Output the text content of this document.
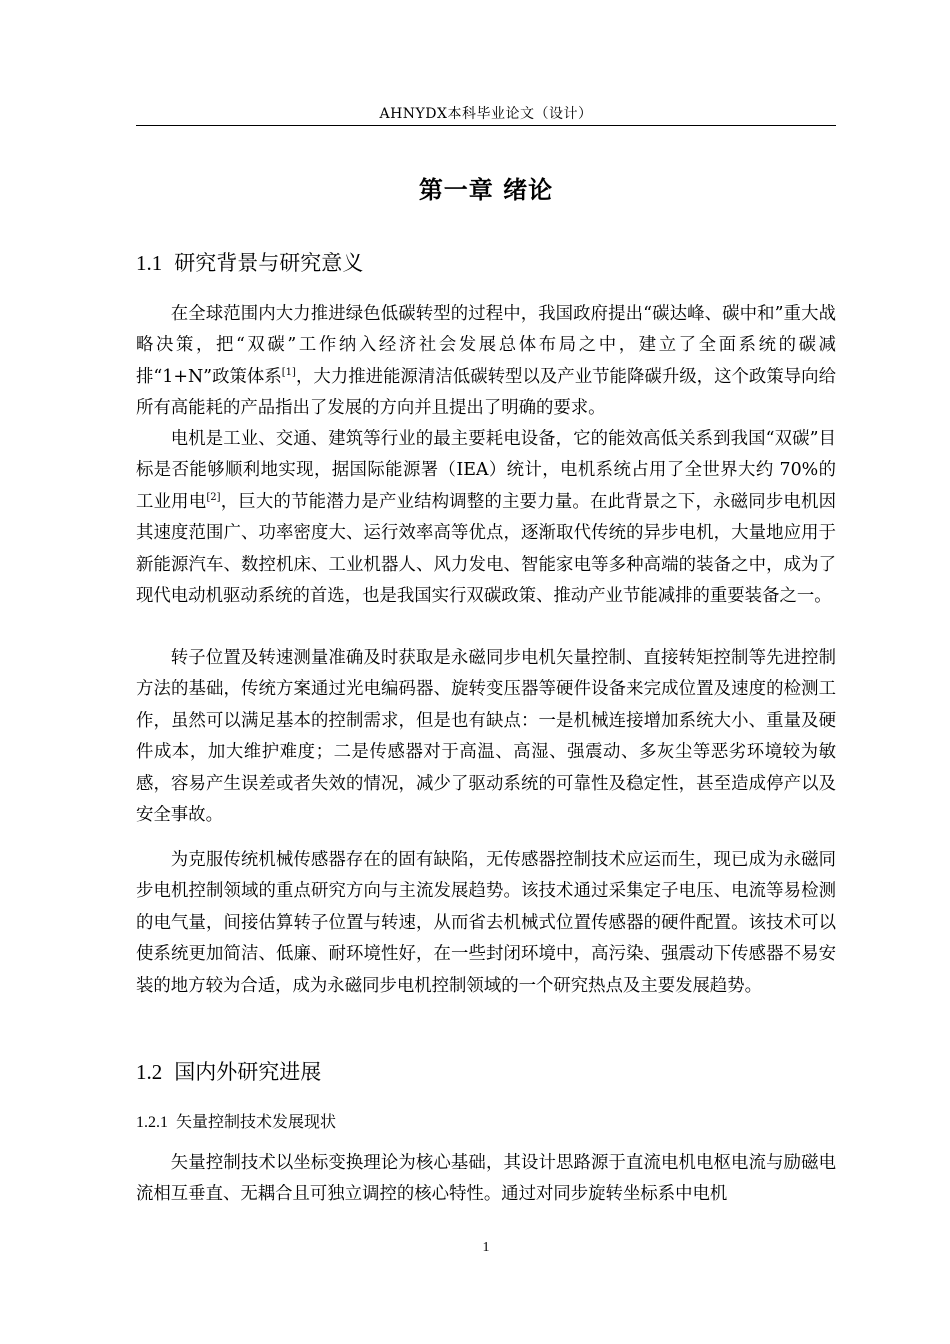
AHNYDX本科毕业论文（设计）
第一章 绪论
1.1 研究背景与研究意义

在全球范围内大力推进绿色低碳转型的过程中，我国政府提出“碳达峰、碳中和”重大战略决策，把“双碳”工作纳入经济社会发展总体布局之中，建立了全面系统的碳减排“1+N”政策体系[1]，大力推进能源清洁低碳转型以及产业节能降碳升级，这个政策导向给所有高能耗的产品指出了发展的方向并且提出了明确的要求。

电机是工业、交通、建筑等行业的最主要耗电设备，它的能效高低关系到我国“双碳”目标是否能够顺利地实现，据国际能源署（IEA）统计，电机系统占用了全世界大约 70%的工业用电[2]，巨大的节能潜力是产业结构调整的主要力量。在此背景之下，永磁同步电机因其速度范围广、功率密度大、运行效率高等优点，逐渐取代传统的异步电机，大量地应用于新能源汽车、数控机床、工业机器人、风力发电、智能家电等多种高端的装备之中，成为了现代电动机驱动系统的首选，也是我国实行双碳政策、推动产业节能减排的重要装备之一。

转子位置及转速测量准确及时获取是永磁同步电机矢量控制、直接转矩控制等先进控制方法的基础，传统方案通过光电编码器、旋转变压器等硬件设备来完成位置及速度的检测工作，虽然可以满足基本的控制需求，但是也有缺点：一是机械连接增加系统大小、重量及硬件成本，加大维护难度；二是传感器对于高温、高湿、强震动、多灰尘等恶劣环境较为敏感，容易产生误差或者失效的情况，减少了驱动系统的可靠性及稳定性，甚至造成停产以及安全事故。

为克服传统机械传感器存在的固有缺陷，无传感器控制技术应运而生，现已成为永磁同步电机控制领域的重点研究方向与主流发展趋势。该技术通过采集定子电压、电流等易检测的电气量，间接估算转子位置与转速，从而省去机械式位置传感器的硬件配置。该技术可以使系统更加简洁、低廉、耐环境性好，在一些封闭环境中，高污染、强震动下传感器不易安装的地方较为合适，成为永磁同步电机控制领域的一个研究热点及主要发展趋势。

1.2 国内外研究进展
1.2.1 矢量控制技术发展现状

矢量控制技术以坐标变换理论为核心基础，其设计思路源于直流电机电枢电流与励磁电流相互垂直、无耦合且可独立调控的核心特性。通过对同步旋转坐标系中电机

1
